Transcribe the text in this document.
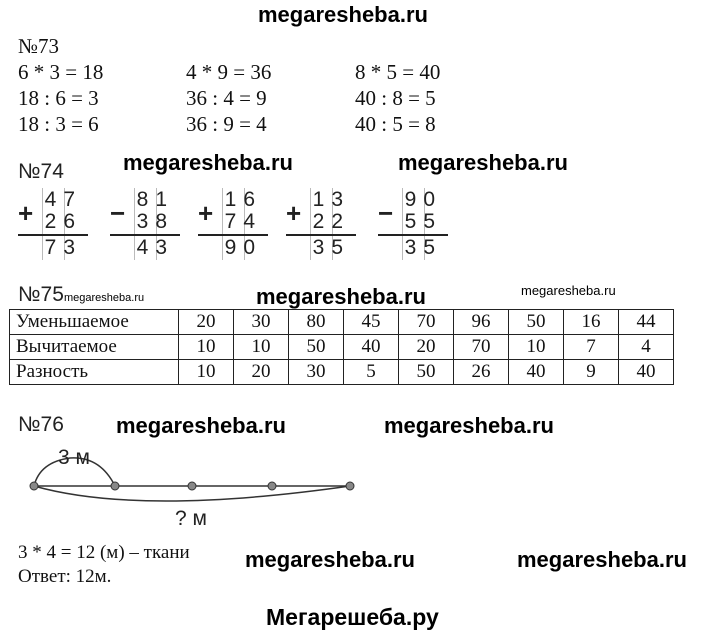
megaresheba.ru
№73
6 * 3 = 18	4 * 9 = 36	8 * 5 = 40
18 : 6 = 3	36 : 4 = 9	40 : 8 = 5
18 : 3 = 6	36 : 9 = 4	40 : 5 = 8
№74	megaresheba.ru	megaresheba.ru
+ 47
26
73
− 81
38
43
+ 16
74
90
+ 13
22
35
− 90
55
35
№75 megaresheba.ru	megaresheba.ru	megaresheba.ru
Уменьшаемое	20	30	80	45	70	96	50	16	44
Вычитаемое	10	10	50	40	20	70	10	7	4
Разность	10	20	30	5	50	26	40	9	40
№76 megaresheba.ru	megaresheba.ru
3 м
? м
3 * 4 = 12 (м) – ткани
Ответ: 12м.
megaresheba.ru	megaresheba.ru
Мегарешеба.ру
